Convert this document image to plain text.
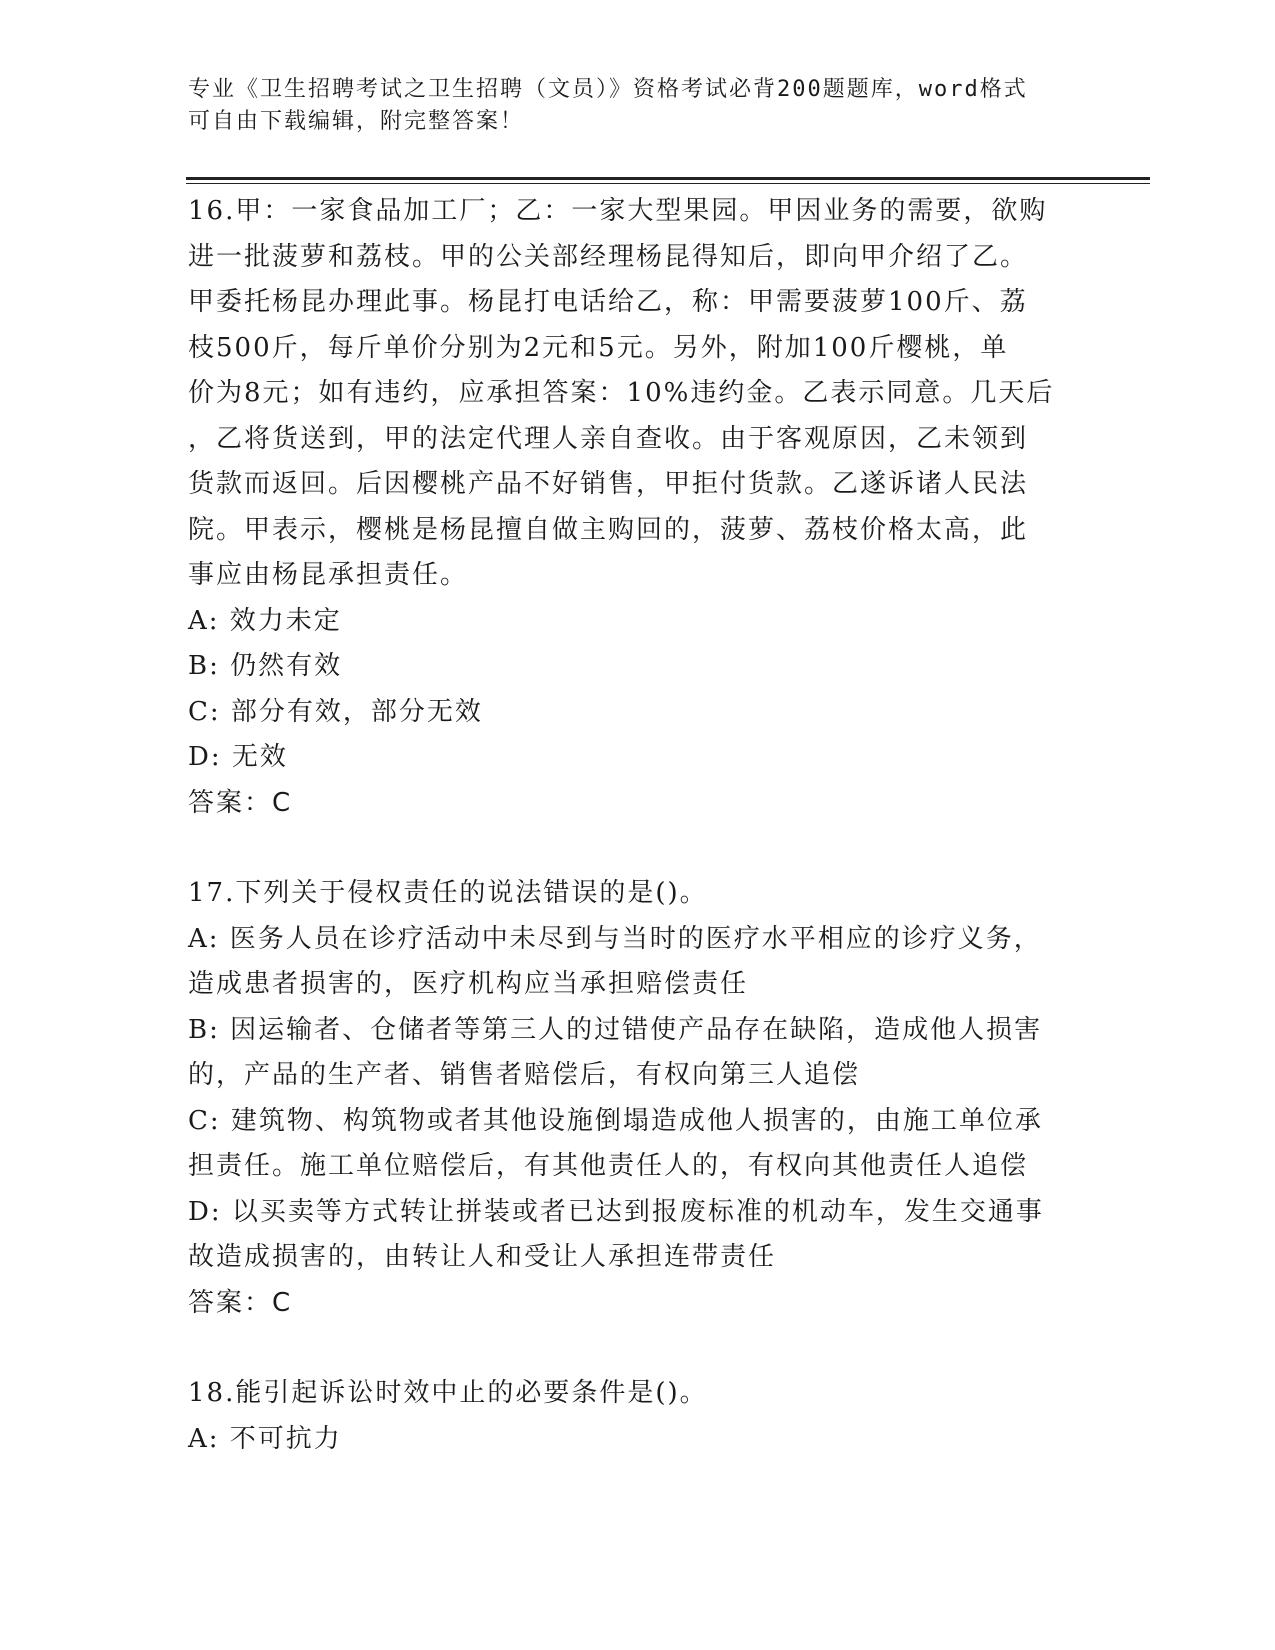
专业《卫生招聘考试之卫生招聘（文员）》资格考试必背200题题库，word格式
可自由下载编辑，附完整答案！
16.甲：一家食品加工厂；乙：一家大型果园。甲因业务的需要，欲购
进一批菠萝和荔枝。甲的公关部经理杨昆得知后，即向甲介绍了乙。
甲委托杨昆办理此事。杨昆打电话给乙，称：甲需要菠萝100斤、荔
枝500斤，每斤单价分别为2元和5元。另外，附加100斤樱桃，单
价为8元；如有违约，应承担答案：10%违约金。乙表示同意。几天后
，乙将货送到，甲的法定代理人亲自查收。由于客观原因，乙未领到
货款而返回。后因樱桃产品不好销售，甲拒付货款。乙遂诉诸人民法
院。甲表示，樱桃是杨昆擅自做主购回的，菠萝、荔枝价格太高，此
事应由杨昆承担责任。
A: 效力未定
B: 仍然有效
C: 部分有效，部分无效
D: 无效
答案：C
17.下列关于侵权责任的说法错误的是()。
A: 医务人员在诊疗活动中未尽到与当时的医疗水平相应的诊疗义务，
造成患者损害的，医疗机构应当承担赔偿责任
B: 因运输者、仓储者等第三人的过错使产品存在缺陷，造成他人损害
的，产品的生产者、销售者赔偿后，有权向第三人追偿
C: 建筑物、构筑物或者其他设施倒塌造成他人损害的，由施工单位承
担责任。施工单位赔偿后，有其他责任人的，有权向其他责任人追偿
D: 以买卖等方式转让拼装或者已达到报废标准的机动车，发生交通事
故造成损害的，由转让人和受让人承担连带责任
答案：C
18.能引起诉讼时效中止的必要条件是()。
A: 不可抗力
